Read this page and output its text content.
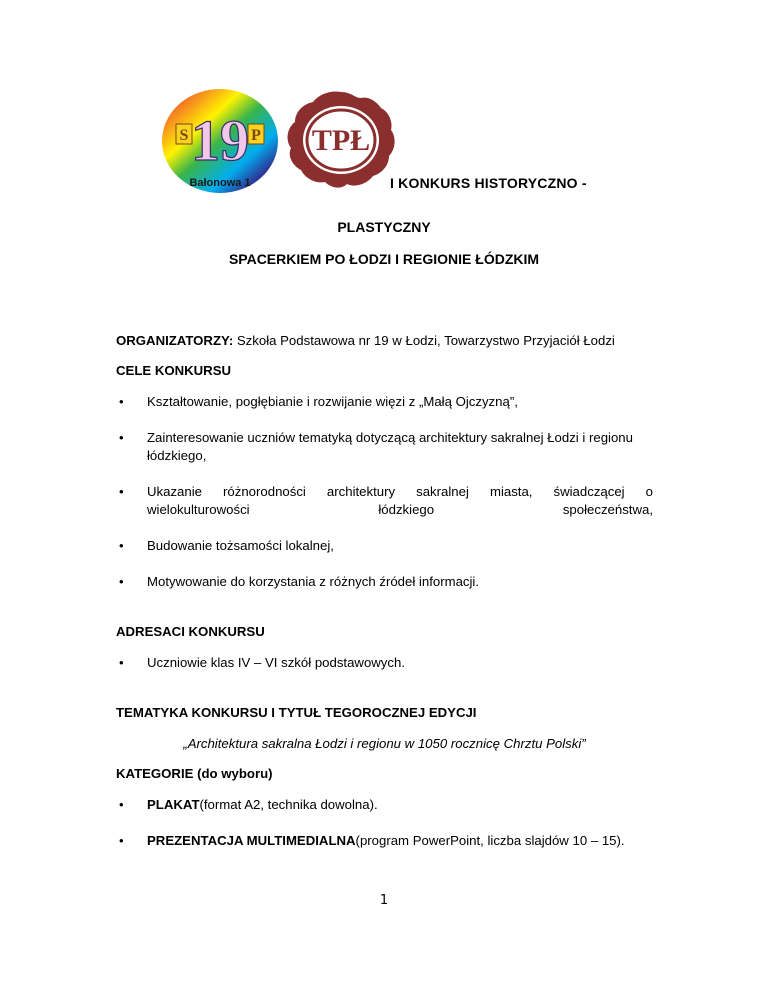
S	P
19
Bałonowa 1
TPŁ
I KONKURS HISTORYCZNO -
PLASTYCZNY
SPACERKIEM PO ŁODZI I REGIONIE ŁÓDZKIM

ORGANIZATORZY: Szkoła Podstawowa nr 19 w Łodzi, Towarzystwo Przyjaciół Łodzi

CELE KONKURSU
• Kształtowanie, pogłębianie i rozwijanie więzi z „Małą Ojczyzną”,
• Zainteresowanie uczniów tematyką dotyczącą architektury sakralnej Łodzi i regionu łódzkiego,
• Ukazanie różnorodności architektury sakralnej miasta, świadczącej o wielokulturowości łódzkiego społeczeństwa,
• Budowanie tożsamości lokalnej,
• Motywowanie do korzystania z różnych źródeł informacji.
ADRESACI KONKURSU
• Uczniowie klas IV – VI szkół podstawowych.
TEMATYKA KONKURSU I TYTUŁ TEGOROCZNEJ EDYCJI
„Architektura sakralna Łodzi i regionu w 1050 rocznicę Chrztu Polski”
KATEGORIE (do wyboru)
• PLAKAT(format A2, technika dowolna).
• PREZENTACJA MULTIMEDIALNA(program PowerPoint, liczba slajdów 10 – 15).
1
